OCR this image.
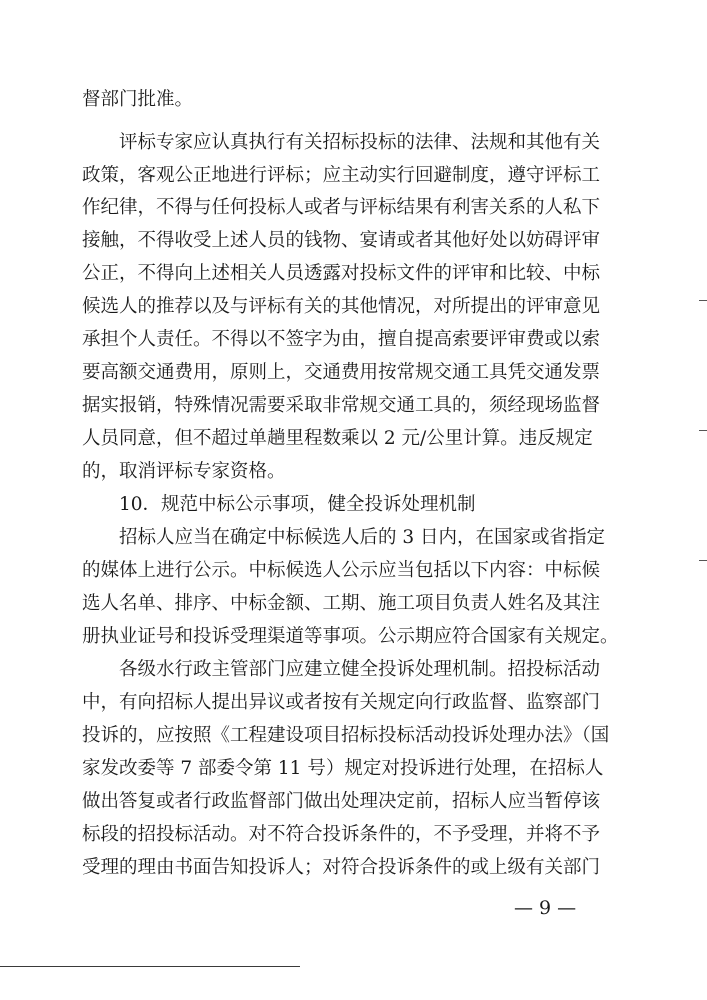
督部门批准。
　　评标专家应认真执行有关招标投标的法律、法规和其他有关
政策，客观公正地进行评标；应主动实行回避制度，遵守评标工
作纪律，不得与任何投标人或者与评标结果有利害关系的人私下
接触，不得收受上述人员的钱物、宴请或者其他好处以妨碍评审
公正，不得向上述相关人员透露对投标文件的评审和比较、中标
候选人的推荐以及与评标有关的其他情况，对所提出的评审意见
承担个人责任。不得以不签字为由，擅自提高索要评审费或以索
要高额交通费用，原则上，交通费用按常规交通工具凭交通发票
据实报销，特殊情况需要采取非常规交通工具的，须经现场监督
人员同意，但不超过单趟里程数乘以 2 元/公里计算。违反规定
的，取消评标专家资格。
　　10．规范中标公示事项，健全投诉处理机制
　　招标人应当在确定中标候选人后的 3 日内，在国家或省指定
的媒体上进行公示。中标候选人公示应当包括以下内容：中标候
选人名单、排序、中标金额、工期、施工项目负责人姓名及其注
册执业证号和投诉受理渠道等事项。公示期应符合国家有关规定。
　　各级水行政主管部门应建立健全投诉处理机制。招投标活动
中，有向招标人提出异议或者按有关规定向行政监督、监察部门
投诉的，应按照《工程建设项目招标投标活动投诉处理办法》（国
家发改委等 7 部委令第 11 号）规定对投诉进行处理，在招标人
做出答复或者行政监督部门做出处理决定前，招标人应当暂停该
标段的招投标活动。对不符合投诉条件的，不予受理，并将不予
受理的理由书面告知投诉人；对符合投诉条件的或上级有关部门
— 9 —
